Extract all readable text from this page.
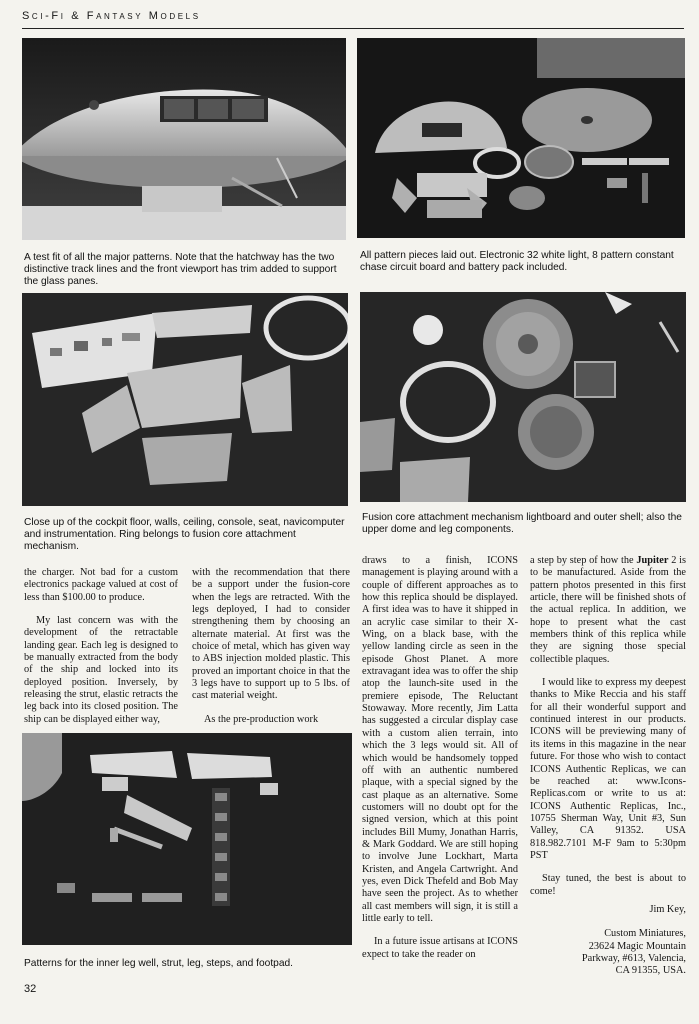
Sci-Fi & Fantasy Models
A test fit of all the major patterns. Note that the hatchway has the two distinctive track lines and the front viewport has trim added to support the glass panes.
All pattern pieces laid out. Electronic 32 white light, 8 pattern constant chase circuit board and battery pack included.
Close up of the cockpit floor, walls, ceiling, console, seat, navicomputer and instrumentation. Ring belongs to fusion core attachment mechanism.
Fusion core attachment mechanism lightboard and outer shell; also the upper dome and leg components.
Patterns for the inner leg well, strut, leg, steps, and footpad.

the charger. Not bad for a custom electronics package valued at cost of less than $100.00 to produce.

My last concern was with the development of the retractable landing gear. Each leg is designed to be manually extracted from the body of the ship and locked into its deployed position. Inversely, by releasing the strut, elastic retracts the leg back into its closed position. The ship can be displayed either way,

with the recommendation that there be a support under the fusion-core when the legs are retracted. With the legs deployed, I had to consider strengthening them by choosing an alternate material. At first was the choice of metal, which has given way to ABS injection molded plastic. This proved an important choice in that the 3 legs have to support up to 5 lbs. of cast material weight.

As the pre-production work

draws to a finish, ICONS management is playing around with a couple of different approaches as to how this replica should be displayed. A first idea was to have it shipped in an acrylic case similar to their X-Wing, on a black base, with the yellow landing circle as seen in the episode Ghost Planet. A more extravagant idea was to offer the ship atop the launch-site used in the premiere episode, The Reluctant Stowaway. More recently, Jim Latta has suggested a circular display case with a custom alien terrain, into which the 3 legs would sit. All of which would be handsomely topped off with an authentic numbered plaque, with a special signed by the cast plaque as an alternative. Some customers will no doubt opt for the signed version, which at this point includes Bill Mumy, Jonathan Harris, & Mark Goddard. We are still hoping to involve June Lockhart, Marta Kristen, and Angela Cartwright. And yes, even Dick Thefeld and Bob May have seen the project. As to whether all cast members will sign, it is still a little early to tell.

In a future issue artisans at ICONS expect to take the reader on

a step by step of how the Jupiter 2 is to be manufactured. Aside from the pattern photos presented in this first article, there will be finished shots of the actual replica. In addition, we hope to present what the cast members think of this replica while they are signing those special collectible plaques.

I would like to express my deepest thanks to Mike Reccia and his staff for all their wonderful support and continued interest in our products. ICONS will be previewing many of its items in this magazine in the near future. For those who wish to contact ICONS Authentic Replicas, we can be reached at: www.Icons-Replicas.com or write to us at: ICONS Authentic Replicas, Inc., 10755 Sherman Way, Unit #3, Sun Valley, CA 91352. USA 818.982.7101 M-F 9am to 5:30pm PST

Stay tuned, the best is about to come!

Jim Key,

Custom Miniatures,
23624 Magic Mountain
Parkway, #613, Valencia,
CA 91355, USA.
32
